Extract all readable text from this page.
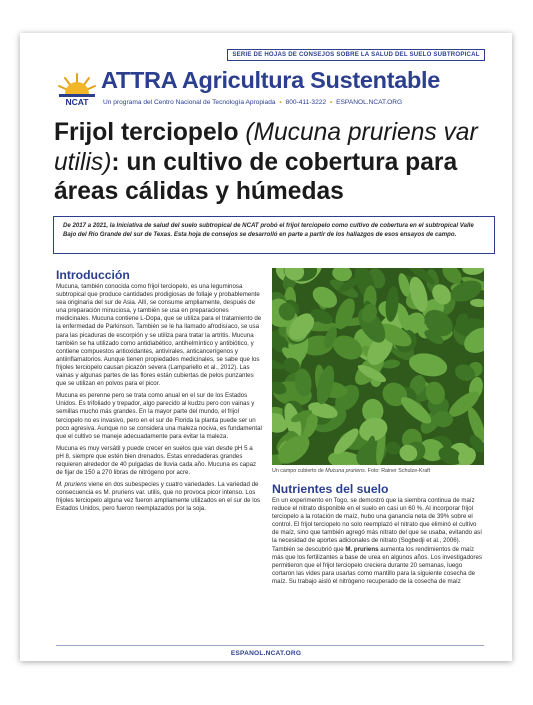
SERIE DE HOJAS DE CONSEJOS SOBRE LA SALUD DEL SUELO SUBTROPICAL
NCAT
ATTRA Agricultura Sustentable
Un programa del Centro Nacional de Tecnología Apropiada • 800-411-3222 • ESPANOL.NCAT.ORG
Frijol terciopelo (Mucuna pruriens var utilis): un cultivo de cobertura para áreas cálidas y húmedas
De 2017 a 2021, la Iniciativa de salud del suelo subtropical de NCAT probó el frijol terciopelo como cultivo de cobertura en el subtropical Valle Bajo del Río Grande del sur de Texas. Esta hoja de consejos se desarrolló en parte a partir de los hallazgos de esos ensayos de campo.
Introducción

Mucuna, también conocida como frijol terciopelo, es una leguminosa subtropical que produce cantidades prodigiosas de follaje y probablemente sea originaria del sur de Asia. Allí, se consume ampliamente, después de una preparación minuciosa, y también se usa en preparaciones medicinales. Mucuna contiene L-Dopa, que se utiliza para el tratamiento de la enfermedad de Parkinson. También se le ha llamado afrodisíaco, se usa para las picaduras de escorpión y se utiliza para tratar la artritis. Mucuna también se ha utilizado como antidiabético, antihelmíntico y antibiótico, y contiene compuestos antioxidantes, antivirales, anticancerígenos y antiinflamatorios. Aunque tienen propiedades medicinales, se sabe que los frijoles terciopelo causan picazón severa (Lampariello et al., 2012). Las vainas y algunas partes de las flores están cubiertas de pelos punzantes que se utilizan en polvos para el picor.

Mucuna es perenne pero se trata como anual en el sur de los Estados Unidos. Es trifoliado y trepador, algo parecido al kudzu pero con vainas y semillas mucho más grandes. En la mayor parte del mundo, el frijol terciopelo no es invasivo, pero en el sur de Florida la planta puede ser un poco agresiva. Aunque no se considera una maleza nociva, es fundamental que el cultivo se maneje adecuadamente para evitar la maleza.

Mucuna es muy versátil y puede crecer en suelos que van desde pH 5 a pH 8, siempre que estén bien drenados. Estas enredaderas grandes requieren alrededor de 40 pulgadas de lluvia cada año. Mucuna es capaz de fijar de 150 a 270 libras de nitrógeno por acre.

M. pruriens viene en dos subespecies y cuatro variedades. La variedad de consecuencia es M. pruriens var. utilis, que no provoca picor intenso. Los frijoles terciopelo alguna vez fueron ampliamente utilizados en el sur de los Estados Unidos, pero fueron reemplazados por la soja.

Un campo cubierto de Mucuna pruriens. Foto: Rainer Schulze-Kraft
Nutrientes del suelo

En un experimento en Togo, se demostró que la siembra continua de maíz reduce el nitrato disponible en el suelo en casi un 60 %. Al incorporar frijol terciopelo a la rotación de maíz, hubo una ganancia neta de 39% sobre el control. El frijol terciopelo no solo reemplazó el nitrato que eliminó el cultivo de maíz, sino que también agregó más nitrato del que se usaba, evitando así la necesidad de aportes adicionales de nitrato (Sogbedji et al., 2006). También se descubrió que M. pruriens aumenta los rendimientos de maíz más que los fertilizantes a base de urea en algunos años. Los investigadores permitieron que el frijol terciopelo creciera durante 20 semanas, luego cortaron las vides para usarlas como mantillo para la siguiente cosecha de maíz. Su trabajo aisló el nitrógeno recuperado de la cosecha de maíz

ESPANOL.NCAT.ORG
